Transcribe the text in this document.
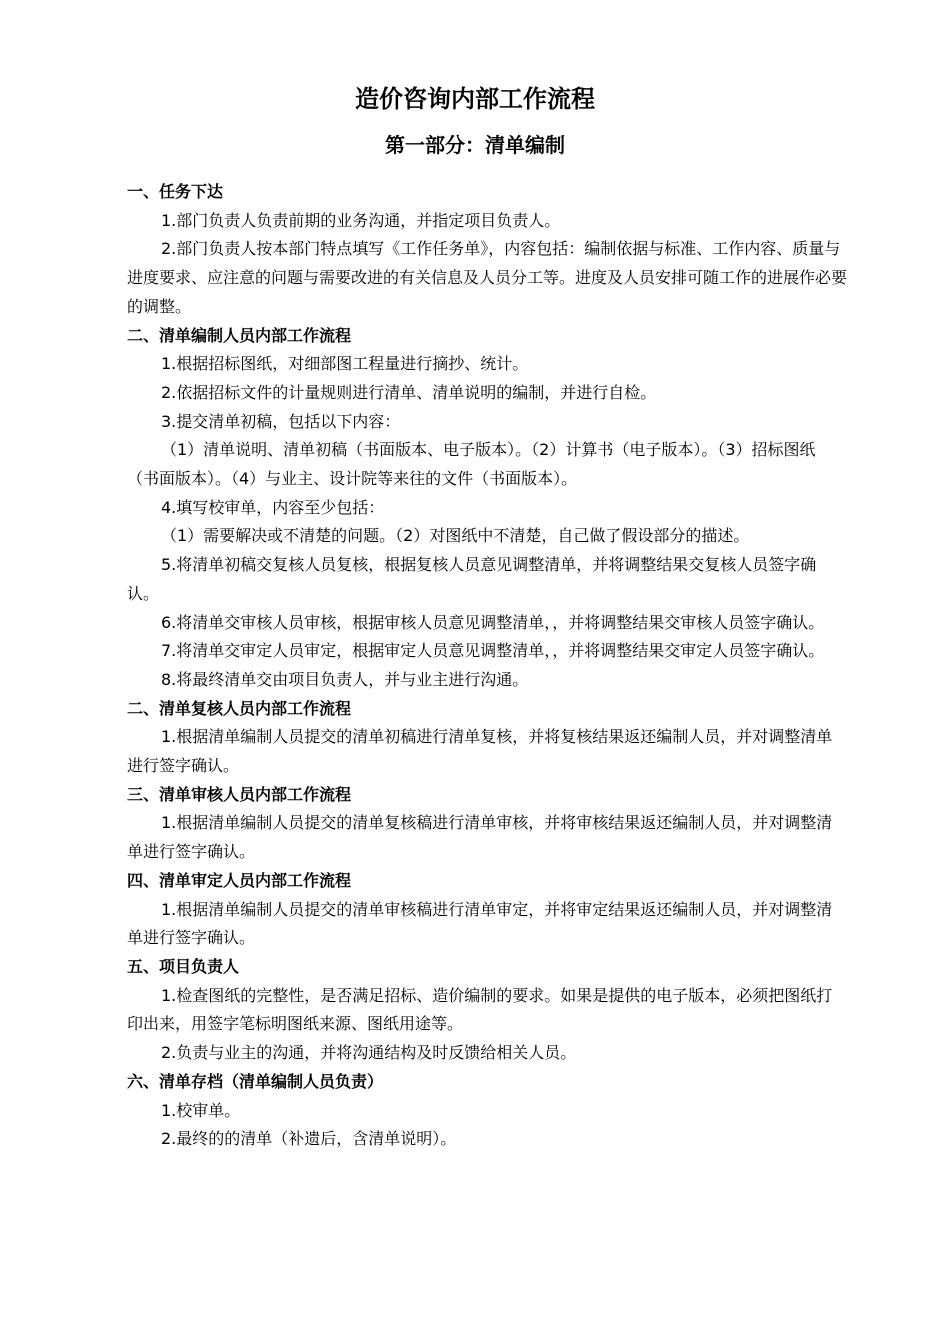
造价咨询内部工作流程
第一部分：清单编制

一、任务下达

1.部门负责人负责前期的业务沟通，并指定项目负责人。

2.部门负责人按本部门特点填写《工作任务单》，内容包括：编制依据与标准、工作内容、质量与进度要求、应注意的问题与需要改进的有关信息及人员分工等。进度及人员安排可随工作的进展作必要的调整。

二、清单编制人员内部工作流程

1.根据招标图纸，对细部图工程量进行摘抄、统计。

2.依据招标文件的计量规则进行清单、清单说明的编制，并进行自检。

3.提交清单初稿，包括以下内容：

（1）清单说明、清单初稿（书面版本、电子版本）。（2）计算书（电子版本）。（3）招标图纸（书面版本）。（4）与业主、设计院等来往的文件（书面版本）。

4.填写校审单，内容至少包括：

（1）需要解决或不清楚的问题。（2）对图纸中不清楚，自己做了假设部分的描述。

5.将清单初稿交复核人员复核，根据复核人员意见调整清单，并将调整结果交复核人员签字确认。

6.将清单交审核人员审核，根据审核人员意见调整清单，，并将调整结果交审核人员签字确认。

7.将清单交审定人员审定，根据审定人员意见调整清单，，并将调整结果交审定人员签字确认。

8.将最终清单交由项目负责人，并与业主进行沟通。

二、清单复核人员内部工作流程

1.根据清单编制人员提交的清单初稿进行清单复核，并将复核结果返还编制人员，并对调整清单进行签字确认。

三、清单审核人员内部工作流程

1.根据清单编制人员提交的清单复核稿进行清单审核，并将审核结果返还编制人员，并对调整清单进行签字确认。

四、清单审定人员内部工作流程

1.根据清单编制人员提交的清单审核稿进行清单审定，并将审定结果返还编制人员，并对调整清单进行签字确认。

五、项目负责人

1.检查图纸的完整性，是否满足招标、造价编制的要求。如果是提供的电子版本，必须把图纸打印出来，用签字笔标明图纸来源、图纸用途等。

2.负责与业主的沟通，并将沟通结构及时反馈给相关人员。

六、清单存档（清单编制人员负责）

1.校审单。

2.最终的的清单（补遗后，含清单说明）。
